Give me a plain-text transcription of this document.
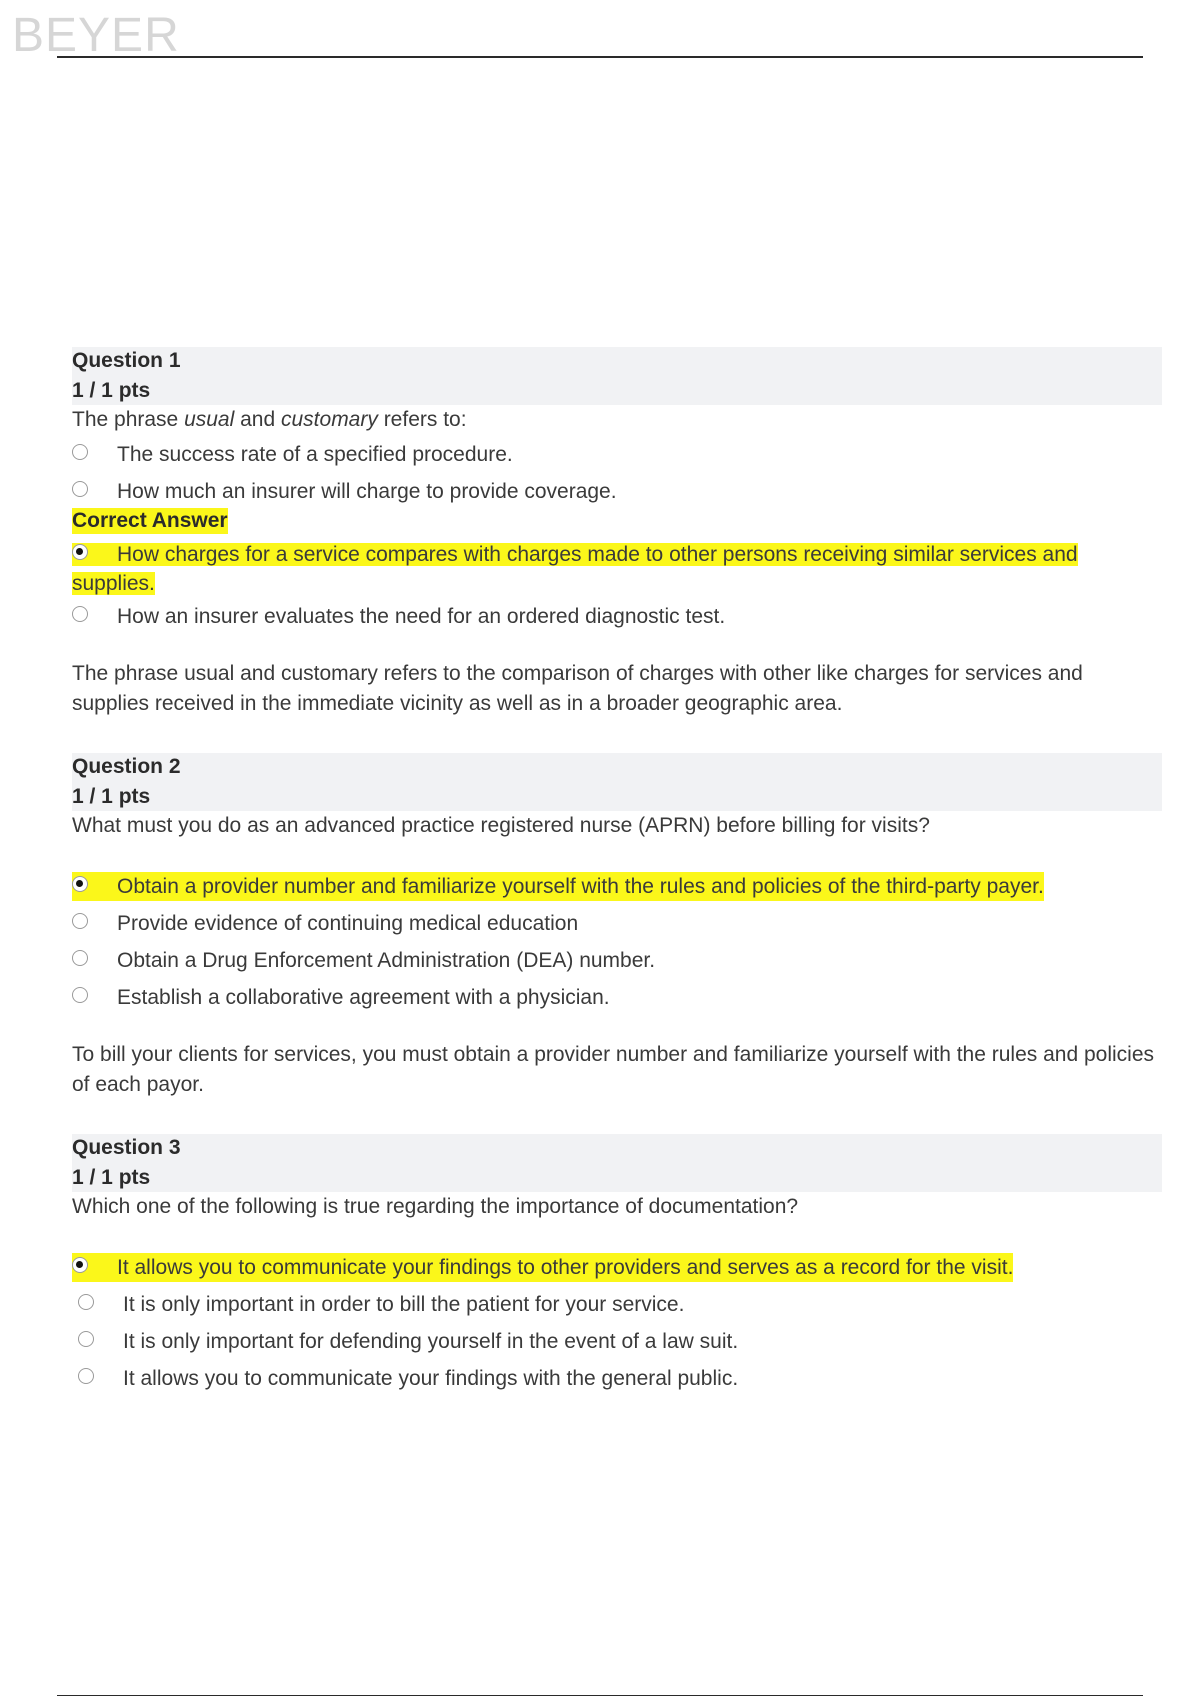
BEYER
Question 1
1 / 1 pts
The phrase usual and customary refers to:
The success rate of a specified procedure.
How much an insurer will charge to provide coverage.
Correct Answer
How charges for a service compares with charges made to other persons receiving similar services and supplies.
How an insurer evaluates the need for an ordered diagnostic test.
The phrase usual and customary refers to the comparison of charges with other like charges for services and supplies received in the immediate vicinity as well as in a broader geographic area.
Question 2
1 / 1 pts
What must you do as an advanced practice registered nurse (APRN) before billing for visits?
Obtain a provider number and familiarize yourself with the rules and policies of the third-party payer.
Provide evidence of continuing medical education
Obtain a Drug Enforcement Administration (DEA) number.
Establish a collaborative agreement with a physician.
To bill your clients for services, you must obtain a provider number and familiarize yourself with the rules and policies of each payor.
Question 3
1 / 1 pts
Which one of the following is true regarding the importance of documentation?
It allows you to communicate your findings to other providers and serves as a record for the visit.
It is only important in order to bill the patient for your service.
It is only important for defending yourself in the event of a law suit.
It allows you to communicate your findings with the general public.
